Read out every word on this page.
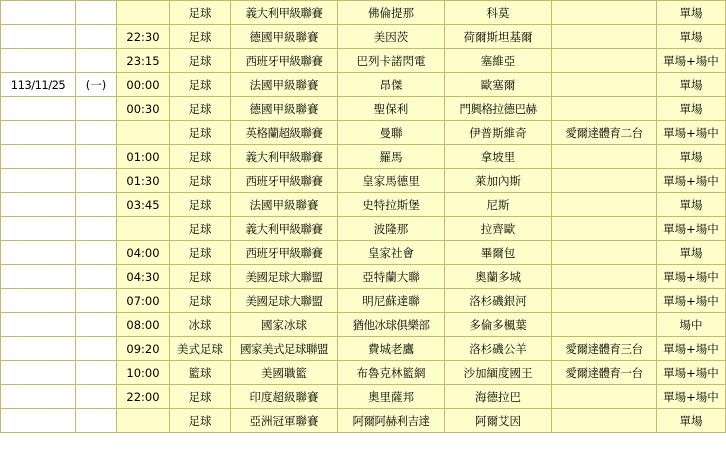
			足球	義大利甲級聯賽	佛倫提那	科莫		單場
		22:30	足球	德國甲級聯賽	美因茨	荷爾斯坦基爾		單場
		23:15	足球	西班牙甲級聯賽	巴列卡諾閃電	塞維亞		單場+場中
113/11/25	(一)	00:00	足球	法國甲級聯賽	昂傑	歐塞爾		單場
		00:30	足球	德國甲級聯賽	聖保利	門興格拉德巴赫		單場
			足球	英格蘭超級聯賽	曼聯	伊普斯維奇	愛爾達體育二台	單場+場中
		01:00	足球	義大利甲級聯賽	羅馬	拿坡里		單場
		01:30	足球	西班牙甲級聯賽	皇家馬德里	萊加內斯		單場+場中
		03:45	足球	法國甲級聯賽	史特拉斯堡	尼斯		單場
			足球	義大利甲級聯賽	波隆那	拉齊歐		單場+場中
		04:00	足球	西班牙甲級聯賽	皇家社會	畢爾包		單場
		04:30	足球	美國足球大聯盟	亞特蘭大聯	奧蘭多城		單場+場中
		07:00	足球	美國足球大聯盟	明尼蘇達聯	洛杉磯銀河		單場+場中
		08:00	冰球	國家冰球	猶他冰球俱樂部	多倫多楓葉		場中
		09:20	美式足球	國家美式足球聯盟	費城老鷹	洛杉磯公羊	愛爾達體育三台	單場+場中
		10:00	籃球	美國職籃	布魯克林籃網	沙加緬度國王	愛爾達體育一台	單場+場中
		22:00	足球	印度超級聯賽	奧里薩邦	海德拉巴		單場+場中
			足球	亞洲冠軍聯賽	阿爾阿赫利吉達	阿爾艾因		單場
